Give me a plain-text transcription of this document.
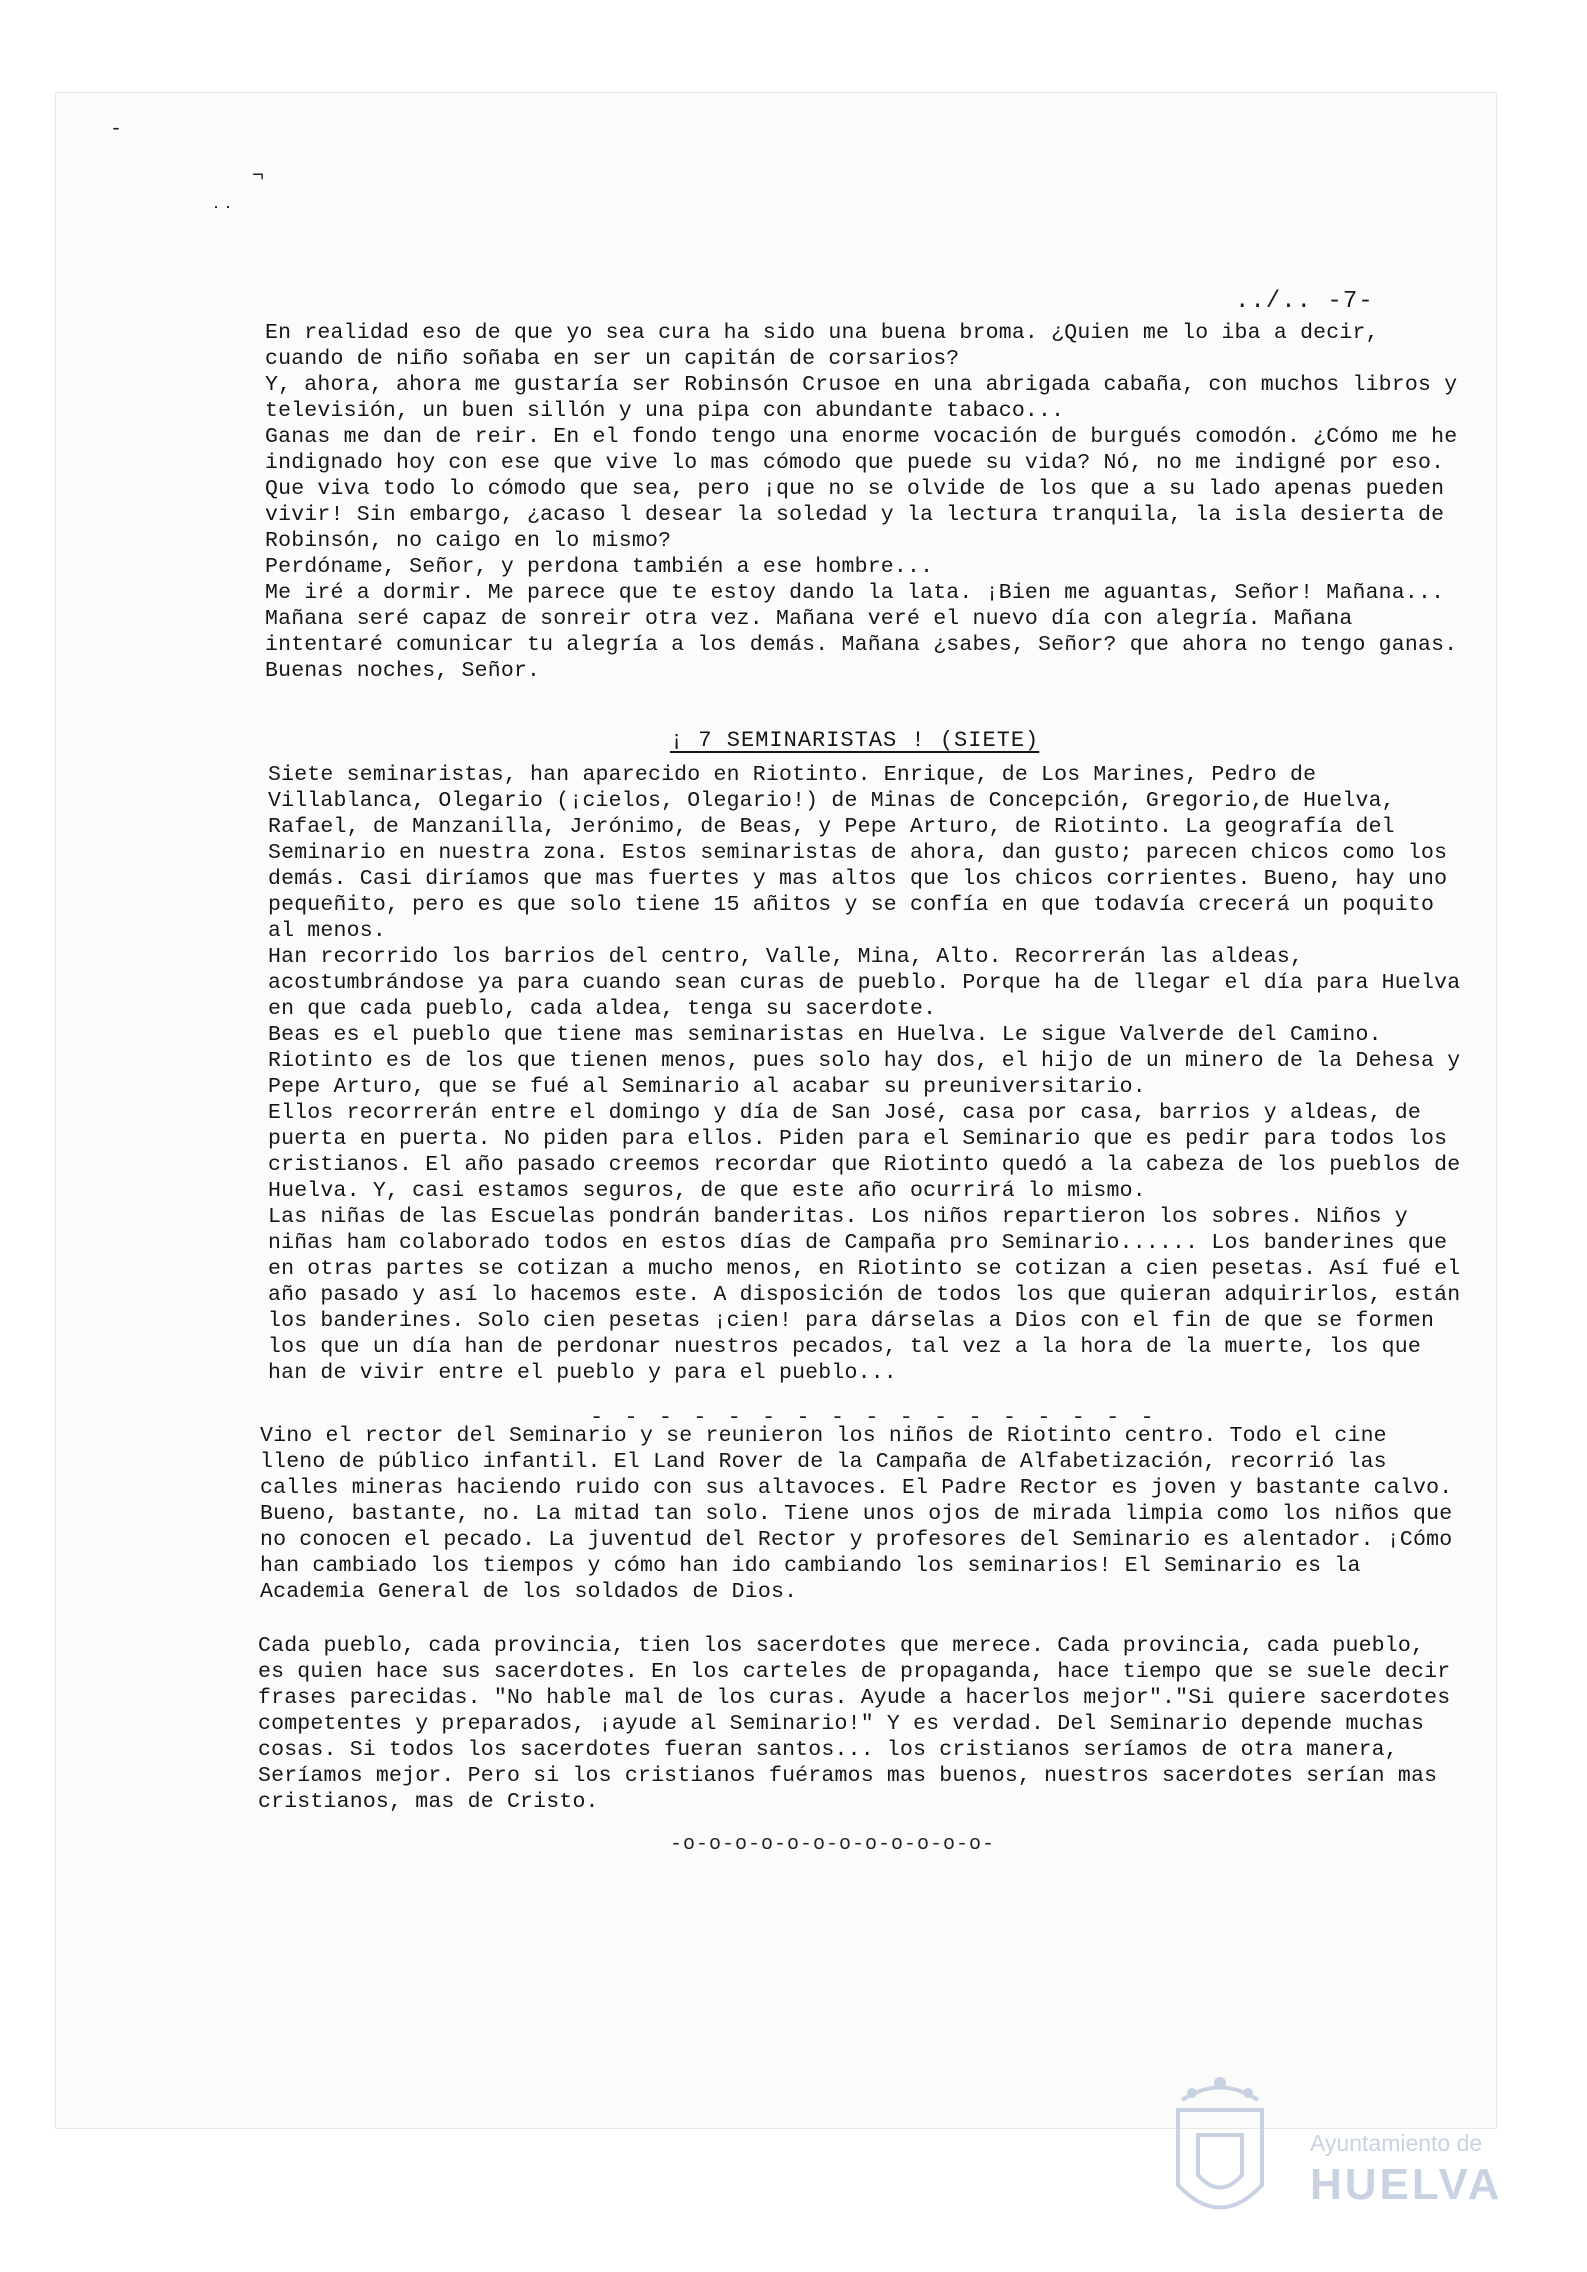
-
¬
˙˙
../.. -7-

En realidad eso de que yo sea cura ha sido una buena broma. ¿Quien me lo iba a decir, cuando de niño soñaba en ser un capitán de corsarios?
Y, ahora, ahora me gustaría ser Robinsón Crusoe en una abrigada cabaña, con muchos libros y televisión, un buen sillón y una pipa con abundante tabaco...
Ganas me dan de reir. En el fondo tengo una enorme vocación de burgués comodón. ¿Cómo me he indignado hoy con ese que vive lo mas cómodo que puede su vida? Nó, no me indigné por eso. Que viva todo lo cómodo que sea, pero ¡que no se olvide de los que a su lado apenas pueden vivir! Sin embargo, ¿acaso l desear la soledad y la lectura tranquila, la isla desierta de Robinsón, no caigo en lo mismo?
Perdóname, Señor, y perdona también a ese hombre...
Me iré a dormir. Me parece que te estoy dando la lata. ¡Bien me aguantas, Señor! Mañana... Mañana seré capaz de sonreir otra vez. Mañana veré el nuevo día con alegría. Mañana intentaré comunicar tu alegría a los demás. Mañana ¿sabes, Señor? que ahora no tengo ganas. Buenas noches, Señor.

¡ 7 SEMINARISTAS ! (SIETE)

Siete seminaristas, han aparecido en Riotinto. Enrique, de Los Marines, Pedro de Villablanca, Olegario (¡cielos, Olegario!) de Minas de Concepción, Gregorio,de Huelva, Rafael, de Manzanilla, Jerónimo, de Beas, y Pepe Arturo, de Riotinto. La geografía del Seminario en nuestra zona. Estos seminaristas de ahora, dan gusto; parecen chicos como los demás. Casi diríamos que mas fuertes y mas altos que los chicos corrientes. Bueno, hay uno pequeñito, pero es que solo tiene 15 añitos y se confía en que todavía crecerá un poquito al menos.
Han recorrido los barrios del centro, Valle, Mina, Alto. Recorrerán las aldeas, acostumbrándose ya para cuando sean curas de pueblo. Porque ha de llegar el día para Huelva en que cada pueblo, cada aldea, tenga su sacerdote.
Beas es el pueblo que tiene mas seminaristas en Huelva. Le sigue Valverde del Camino. Riotinto es de los que tienen menos, pues solo hay dos, el hijo de un minero de la Dehesa y Pepe Arturo, que se fué al Seminario al acabar su preuniversitario.
Ellos recorrerán entre el domingo y día de San José, casa por casa, barrios y aldeas, de puerta en puerta. No piden para ellos. Piden para el Seminario que es pedir para todos los cristianos. El año pasado creemos recordar que Riotinto quedó a la cabeza de los pueblos de Huelva. Y, casi estamos seguros, de que este año ocurrirá lo mismo.
Las niñas de las Escuelas pondrán banderitas. Los niños repartieron los sobres. Niños y niñas ham colaborado todos en estos días de Campaña pro Seminario...... Los banderines que en otras partes se cotizan a mucho menos, en Riotinto se cotizan a cien pesetas. Así fué el año pasado y así lo hacemos este. A disposición de todos los que quieran adquirirlos, están los banderines. Solo cien pesetas ¡cien! para dárselas a Dios con el fin de que se formen los que un día han de perdonar nuestros pecados, tal vez a la hora de la muerte, los que han de vivir entre el pueblo y para el pueblo...

- - - - - - - - - - - - - - - - -

Vino el rector del Seminario y se reunieron los niños de Riotinto centro. Todo el cine lleno de público infantil. El Land Rover de la Campaña de Alfabetización, recorrió las calles mineras haciendo ruido con sus altavoces. El Padre Rector es joven y bastante calvo. Bueno, bastante, no. La mitad tan solo. Tiene unos ojos de mirada limpia como los niños que no conocen el pecado. La juventud del Rector y profesores del Seminario es alentador. ¡Cómo han cambiado los tiempos y cómo han ido cambiando los seminarios! El Seminario es la Academia General de los soldados de Dios.

Cada pueblo, cada provincia, tien los sacerdotes que merece. Cada provincia, cada pueblo, es quien hace sus sacerdotes. En los carteles de propaganda, hace tiempo que se suele decir frases parecidas. "No hable mal de los curas. Ayude a hacerlos mejor"."Si quiere sacerdotes competentes y preparados, ¡ayude al Seminario!" Y es verdad. Del Seminario depende muchas cosas. Si todos los sacerdotes fueran santos... los cristianos seríamos de otra manera, Seríamos mejor. Pero si los cristianos fuéramos mas buenos, nuestros sacerdotes serían mas cristianos, mas de Cristo.

-o-o-o-o-o-o-o-o-o-o-o-o-
Ayuntamiento de
HUELVA
